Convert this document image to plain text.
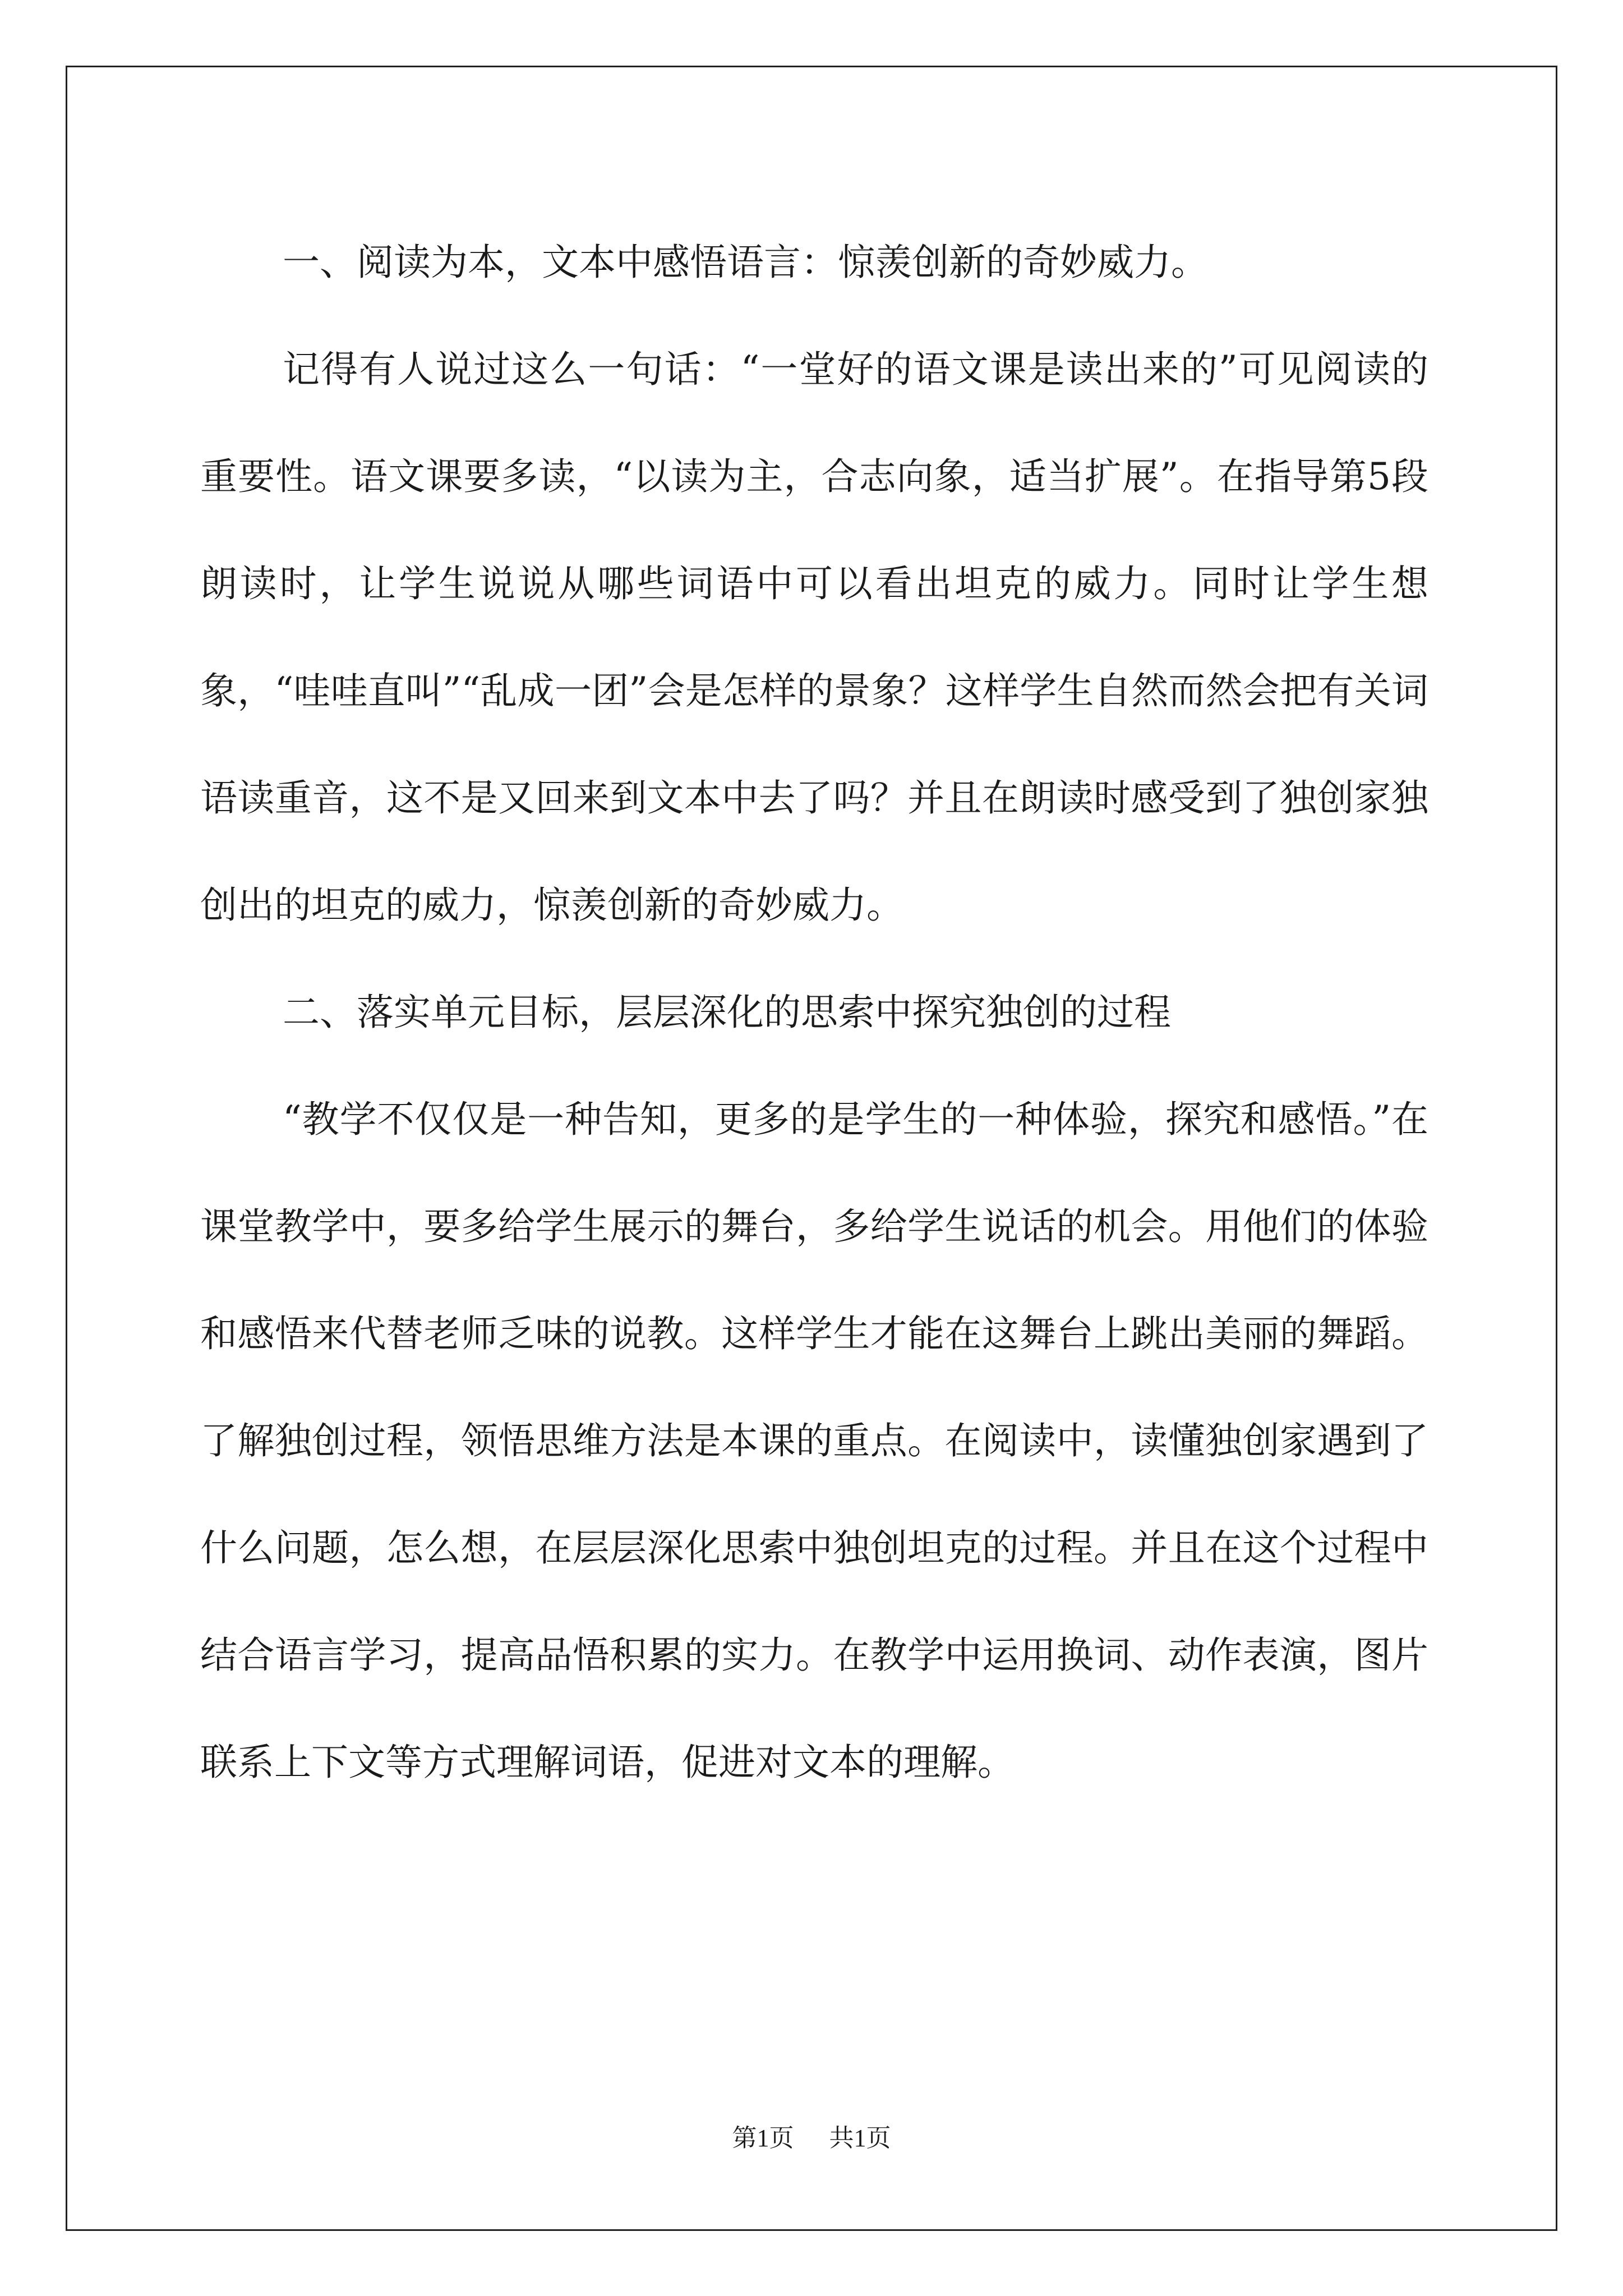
一、阅读为本，文本中感悟语言：惊羡创新的奇妙威力。

记得有人说过这么一句话：“一堂好的语文课是读出来的”可见阅读的重要性。语文课要多读，“以读为主，合志向象，适当扩展”。在指导第5段朗读时，让学生说说从哪些词语中可以看出坦克的威力。同时让学生想象，“哇哇直叫”“乱成一团”会是怎样的景象？这样学生自然而然会把有关词语读重音，这不是又回来到文本中去了吗？并且在朗读时感受到了独创家独创出的坦克的威力，惊羡创新的奇妙威力。

二、落实单元目标，层层深化的思索中探究独创的过程

“教学不仅仅是一种告知，更多的是学生的一种体验，探究和感悟。”在课堂教学中，要多给学生展示的舞台，多给学生说话的机会。用他们的体验和感悟来代替老师乏味的说教。这样学生才能在这舞台上跳出美丽的舞蹈。了解独创过程，领悟思维方法是本课的重点。在阅读中，读懂独创家遇到了什么问题，怎么想，在层层深化思索中独创坦克的过程。并且在这个过程中结合语言学习，提高品悟积累的实力。在教学中运用换词、动作表演，图片联系上下文等方式理解词语，促进对文本的理解。

第1页 共1页
